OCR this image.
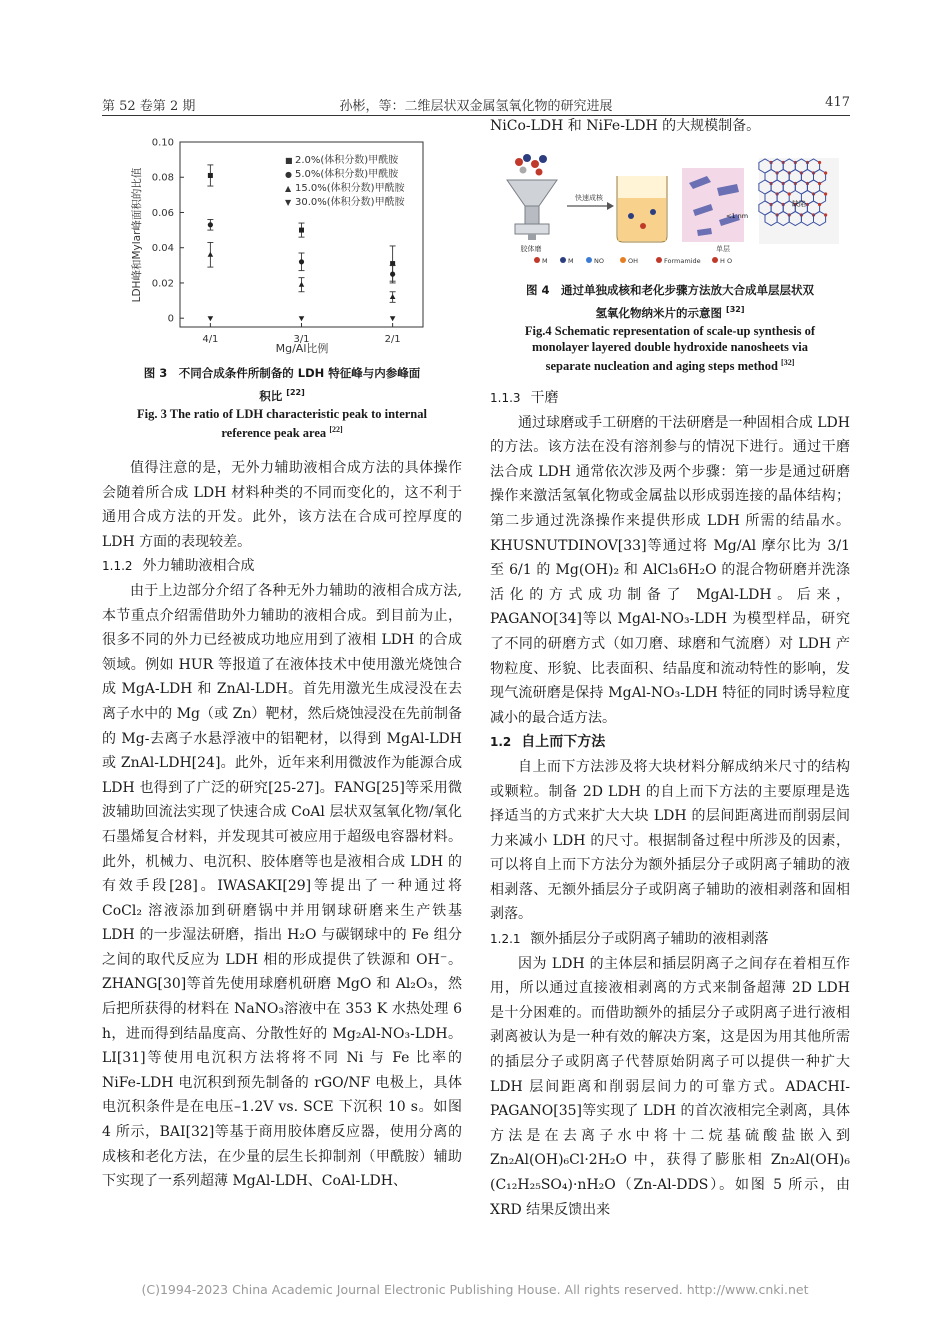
第 52 卷第 2 期	孙彬，等：二维层状双金属氢氧化物的研究进展	417
0
0.02
0.04
0.06
0.08
0.10
4/1	3/1	2/1
LDH峰和Mylar峰面积的比值
Mg/Al比例
■ 2.0%(体积分数)甲酰胺
● 5.0%(体积分数)甲酰胺
▲ 15.0%(体积分数)甲酰胺
▼ 30.0%(体积分数)甲酰胺
图 3　不同合成条件所制备的 LDH 特征峰与内参峰面
积比 [22]
Fig. 3 The ratio of LDH characteristic peak to internal
reference peak area [22]

值得注意的是，无外力辅助液相合成方法的具体操作会随着所合成 LDH 材料种类的不同而变化的，这不利于通用合成方法的开发。此外，该方法在合成可控厚度的 LDH 方面的表现较差。

1.1.2 外力辅助液相合成

由于上边部分介绍了各种无外力辅助的液相合成方法,本节重点介绍需借助外力辅助的液相合成。到目前为止，很多不同的外力已经被成功地应用到了液相 LDH 的合成领域。例如 HUR 等报道了在液体技术中使用激光烧蚀合成 MgA-LDH 和 ZnAl-LDH。首先用激光生成浸没在去离子水中的 Mg（或 Zn）靶材，然后烧蚀浸没在先前制备的 Mg-去离子水悬浮液中的铝靶材，以得到 MgAl-LDH 或 ZnAl-LDH[24]。此外，近年来利用微波作为能源合成 LDH 也得到了广泛的研究[25-27]。FANG[25]等采用微波辅助回流法实现了快速合成 CoAl 层状双氢氧化物/氧化石墨烯复合材料，并发现其可被应用于超级电容器材料。此外，机械力、电沉积、胶体磨等也是液相合成 LDH 的有效手段[28]。IWASAKI[29]等提出了一种通过将 CoCl₂ 溶液添加到研磨锅中并用钢球研磨来生产铁基 LDH 的一步湿法研磨，指出 H₂O 与碳钢球中的 Fe 组分之间的取代反应为 LDH 相的形成提供了铁源和 OH⁻。ZHANG[30]等首先使用球磨机研磨 MgO 和 Al₂O₃，然后把所获得的材料在 NaNO₃溶液中在 353 K 水热处理 6 h，进而得到结晶度高、分散性好的 Mg₂Al-NO₃-LDH。LI[31]等使用电沉积方法将将不同 Ni 与 Fe 比率的 NiFe-LDH 电沉积到预先制备的 rGO/NF 电极上，具体电沉积条件是在电压–1.2V vs. SCE 下沉积 10 s。如图 4 所示，BAI[32]等基于商用胶体磨反应器，使用分离的成核和老化方法，在少量的层生长抑制剂（甲酰胺）辅助下实现了一系列超薄 MgAl-LDH、CoAl-LDH、

NiCo-LDH 和 NiFe-LDH 的大规模制备。

胶体磨
快速成核
<1 nm
单层
缺陷
M	M	NO	OH	Formamide	H O
图 4　通过单独成核和老化步骤方法放大合成单层层状双
氢氧化物纳米片的示意图 [32]
Fig.4 Schematic representation of scale-up synthesis of
monolayer layered double hydroxide nanosheets via
separate nucleation and aging steps method [32]

1.1.3 干磨

通过球磨或手工研磨的干法研磨是一种固相合成 LDH 的方法。该方法在没有溶剂参与的情况下进行。通过干磨法合成 LDH 通常依次涉及两个步骤：第一步是通过研磨操作来激活氢氧化物或金属盐以形成弱连接的晶体结构；第二步通过洗涤操作来提供形成 LDH 所需的结晶水。KHUSNUTDINOV[33]等通过将 Mg/Al 摩尔比为 3/1 至 6/1 的 Mg(OH)₂ 和 AlCl₃6H₂O 的混合物研磨并洗涤活化的方式成功制备了 MgAl-LDH。后来，PAGANO[34]等以 MgAl-NO₃-LDH 为模型样品，研究了不同的研磨方式（如刀磨、球磨和气流磨）对 LDH 产物粒度、形貌、比表面积、结晶度和流动特性的影响，发现气流研磨是保持 MgAl-NO₃-LDH 特征的同时诱导粒度减小的最合适方法。

1.2 自上而下方法

自上而下方法涉及将大块材料分解成纳米尺寸的结构或颗粒。制备 2D LDH 的自上而下方法的主要原理是选择适当的方式来扩大大块 LDH 的层间距离进而削弱层间力来减小 LDH 的尺寸。根据制备过程中所涉及的因素，可以将自上而下方法分为额外插层分子或阴离子辅助的液相剥落、无额外插层分子或阴离子辅助的液相剥落和固相剥落。

1.2.1 额外插层分子或阴离子辅助的液相剥落

因为 LDH 的主体层和插层阴离子之间存在着相互作用，所以通过直接液相剥离的方式来制备超薄 2D LDH 是十分困难的。而借助额外的插层分子或阴离子进行液相剥离被认为是一种有效的解决方案，这是因为用其他所需的插层分子或阴离子代替原始阴离子可以提供一种扩大 LDH 层间距离和削弱层间力的可靠方式。ADACHI-PAGANO[35]等实现了 LDH 的首次液相完全剥离，具体方法是在去离子水中将十二烷基硫酸盐嵌入到 Zn₂Al(OH)₆Cl·2H₂O 中，获得了膨胀相 Zn₂Al(OH)₆ (C₁₂H₂₅SO₄)·nH₂O（Zn-Al-DDS）。如图 5 所示，由 XRD 结果反馈出来

(C)1994-2023 China Academic Journal Electronic Publishing House. All rights reserved. http://www.cnki.net
